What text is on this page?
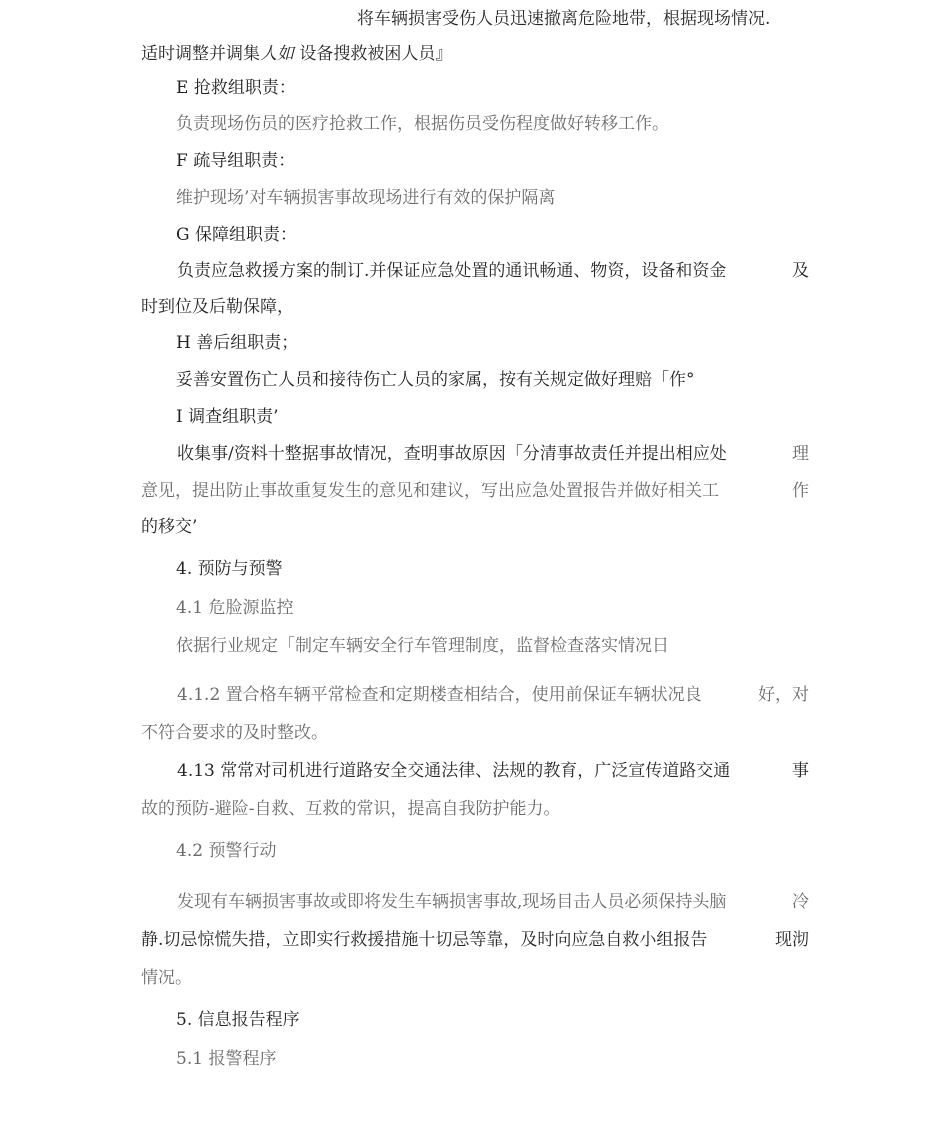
将车辆损害受伤人员迅速撤离危险地带，根据现场情况.
适时调整并调集人如 设备搜救被困人员』
E 抢救组职责：
负责现场伤员的医疗抢救工作，根据伤员受伤程度做好转移工作。
F 疏导组职责：
维护现场’对车辆损害事故现场进行有效的保护隔离
G 保障组职责：
负责应急救援方案的制订.并保证应急处置的通讯畅通、物资，设备和资金	及
时到位及后勒保障，
H 善后组职责；
妥善安置伤亡人员和接待伤亡人员的家属，按有关规定做好理赔「作°
I 调查组职责’
收集事/资料十整据事故情况，查明事故原因「分清事故责任并提出相应处	理
意见，提出防止事故重复发生的意见和建议，写出应急处置报告并做好相关工	作
的移交’
4. 预防与预警
4.1 危脸源监控
依据行业规定「制定车辆安全行车管理制度，监督检查落实情况日
4.1.2 置合格车辆平常检查和定期楼查相结合，使用前保证车辆状况良	好，对
不符合要求的及时整改。
4.13 常常对司机进行道路安全交通法律、法规的教育，广泛宣传道路交通	事
故的预防-避险-自救、互救的常识，提高自我防护能力。
4.2 预警行动
发现有车辆损害事故或即将发生车辆损害事故,现场目击人员必须保持头脑	冷
静.切忌惊慌失措，立即实行救援措施十切忌等靠，及时向应急自救小组报告	现沏
情况。
5. 信息报告程序
5.1 报警程序
